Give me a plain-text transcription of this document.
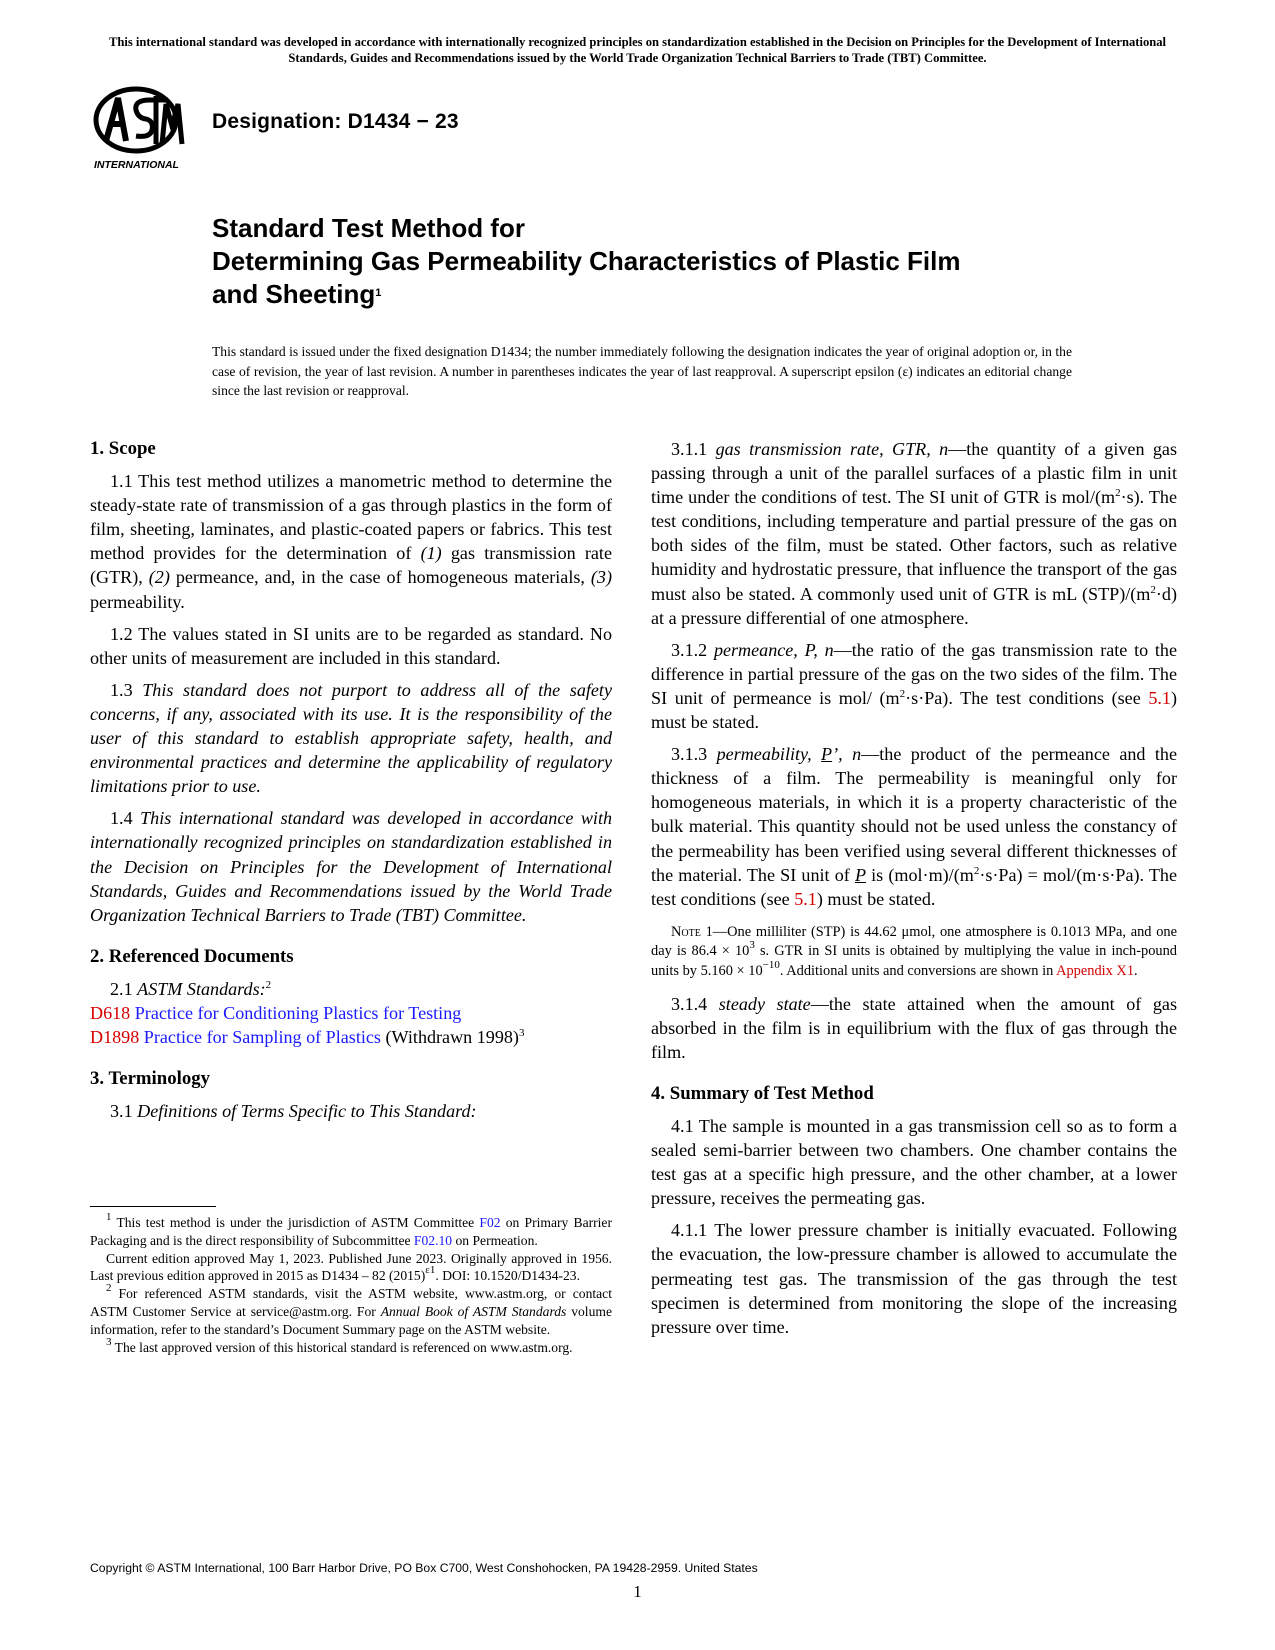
This international standard was developed in accordance with internationally recognized principles on standardization established in the Decision on Principles for the Development of International Standards, Guides and Recommendations issued by the World Trade Organization Technical Barriers to Trade (TBT) Committee.
INTERNATIONAL
Designation: D1434 − 23
Standard Test Method for
Determining Gas Permeability Characteristics of Plastic Film
and Sheeting$^1$
This standard is issued under the fixed designation D1434; the number immediately following the designation indicates the year of original adoption or, in the case of revision, the year of last revision. A number in parentheses indicates the year of last reapproval. A superscript epsilon (ε) indicates an editorial change since the last revision or reapproval.
1. Scope
1.1 This test method utilizes a manometric method to determine the steady-state rate of transmission of a gas through plastics in the form of film, sheeting, laminates, and plastic-coated papers or fabrics. This test method provides for the determination of (1) gas transmission rate (GTR), (2) permeance, and, in the case of homogeneous materials, (3) permeability.
1.2 The values stated in SI units are to be regarded as standard. No other units of measurement are included in this standard.
1.3 This standard does not purport to address all of the safety concerns, if any, associated with its use. It is the responsibility of the user of this standard to establish appropriate safety, health, and environmental practices and determine the applicability of regulatory limitations prior to use.
1.4 This international standard was developed in accordance with internationally recognized principles on standardization established in the Decision on Principles for the Development of International Standards, Guides and Recommendations issued by the World Trade Organization Technical Barriers to Trade (TBT) Committee.
2. Referenced Documents
2.1 ASTM Standards:$^2$
D618 Practice for Conditioning Plastics for Testing
D1898 Practice for Sampling of Plastics (Withdrawn 1998)$^3$
3. Terminology
3.1 Definitions of Terms Specific to This Standard:
$^1$ This test method is under the jurisdiction of ASTM Committee F02 on Primary Barrier Packaging and is the direct responsibility of Subcommittee F02.10 on Permeation.
Current edition approved May 1, 2023. Published June 2023. Originally approved in 1956. Last previous edition approved in 2015 as D1434 – 82 $(2015)^{\varepsilon 1}$. DOI: 10.1520/D1434-23.
$^2$ For referenced ASTM standards, visit the ASTM website, www.astm.org, or contact ASTM Customer Service at service@astm.org. For Annual Book of ASTM Standards volume information, refer to the standard’s Document Summary page on the ASTM website.
$^3$ The last approved version of this historical standard is referenced on www.astm.org.
3.1.1 gas transmission rate, GTR, n—the quantity of a given gas passing through a unit of the parallel surfaces of a plastic film in unit time under the conditions of test. The SI unit of GTR is mol/$(m^2\cdot s)$. The test conditions, including temperature and partial pressure of the gas on both sides of the film, must be stated. Other factors, such as relative humidity and hydrostatic pressure, that influence the transport of the gas must also be stated. A commonly used unit of GTR is mL $(STP)/(m^2\cdot d)$ at a pressure differential of one atmosphere.
3.1.2 permeance, P, n—the ratio of the gas transmission rate to the difference in partial pressure of the gas on the two sides of the film. The SI unit of permeance is mol/ $(m^2\cdot s\cdot Pa)$. The test conditions (see 5.1) must be stated.
3.1.3 permeability, P’, n—the product of the permeance and the thickness of a film. The permeability is meaningful only for homogeneous materials, in which it is a property characteristic of the bulk material. This quantity should not be used unless the constancy of the permeability has been verified using several different thicknesses of the material. The SI unit of P is $(mol\cdot m)/(m^2\cdot s\cdot Pa) = mol/(m\cdot s\cdot Pa)$. The test conditions (see 5.1) must be stated.
Note 1—One milliliter (STP) is 44.62 μmol, one atmosphere is 0.1013 MPa, and one day is $86.4 \times 10^3$ s. GTR in SI units is obtained by multiplying the value in inch-pound units by $5.160 \times 10^{-10}$. Additional units and conversions are shown in Appendix X1.
3.1.4 steady state—the state attained when the amount of gas absorbed in the film is in equilibrium with the flux of gas through the film.
4. Summary of Test Method
4.1 The sample is mounted in a gas transmission cell so as to form a sealed semi-barrier between two chambers. One chamber contains the test gas at a specific high pressure, and the other chamber, at a lower pressure, receives the permeating gas.
4.1.1 The lower pressure chamber is initially evacuated. Following the evacuation, the low-pressure chamber is allowed to accumulate the permeating test gas. The transmission of the gas through the test specimen is determined from monitoring the slope of the increasing pressure over time.
Copyright © ASTM International, 100 Barr Harbor Drive, PO Box C700, West Conshohocken, PA 19428-2959. United States
1
